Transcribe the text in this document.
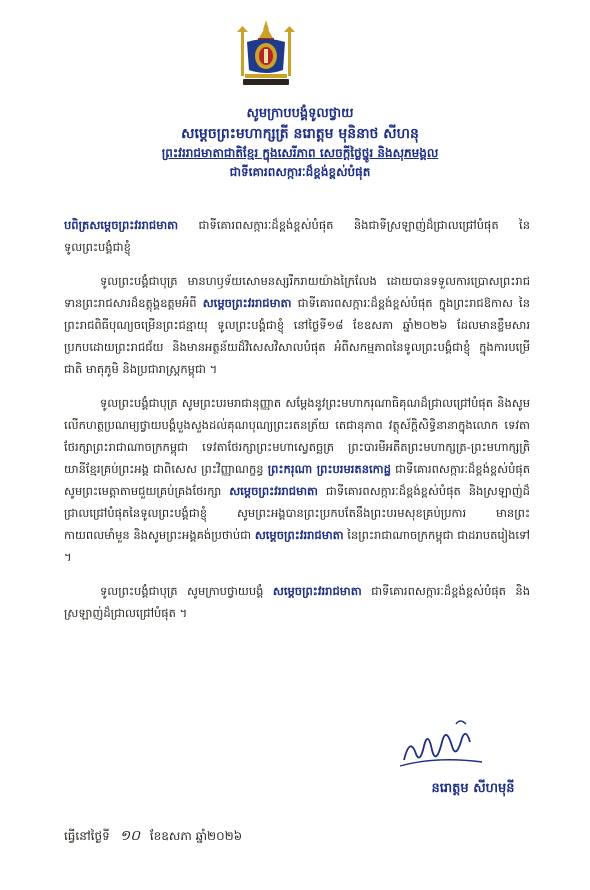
សូមក្រាបបង្គំទូលថ្វាយ
សម្តេចព្រះមហាក្សត្រី នរោត្តម មុនិនាថ សីហនុ
ព្រះវររាជមាតាជាតិខ្មែរ ក្នុងសេរីភាព សេចក្តីថ្លៃថ្នូរ និងសុភមង្គល
ជាទីគោរពសក្ការៈដ៏ខ្ពង់ខ្ពស់បំផុត

បពិត្រសម្តេចព្រះវររាជមាតា ជាទីគោរពសក្ការៈដ៏ខ្ពង់ខ្ពស់បំផុត និងជាទីស្រឡាញ់ដ៏ជ្រាលជ្រៅបំផុត នៃទូលព្រះបង្គំជាខ្ញុំ

ទូលព្រះបង្គំជាបុត្រ មានហឫទ័យសោមនស្សរីករាយយ៉ាងក្រៃលែង ដោយបានទទួលការប្រោសព្រះរាជទានព្រះរាជសារដ៏ឧត្តុង្គឧត្តមអំពី សម្តេចព្រះវររាជមាតា ជាទីគោរពសក្ការៈដ៏ខ្ពង់ខ្ពស់បំផុត ក្នុងព្រះរាជឱកាស នៃព្រះរាជពិធីបុណ្យចម្រើនព្រះជន្មាយុ ទូលព្រះបង្គំជាខ្ញុំ នៅថ្ងៃទី១៨ ខែឧសភា ឆ្នាំ២០២៦ ដែលមានខ្លឹមសារប្រកបដោយព្រះរាជជ័យ និងមានអត្ថន័យដ៏វិសេសវិសាលបំផុត អំពីសកម្មភាពនៃទូលព្រះបង្គំជាខ្ញុំ ក្នុងការបម្រើជាតិ មាតុភូមិ និងប្រជារាស្ត្រកម្ពុជា ។

ទូលព្រះបង្គំជាបុត្រ សូមព្រះបរមរាជានុញ្ញាត សម្តែងនូវព្រះមហាករុណាធិគុណដ៏ជ្រាលជ្រៅបំផុត និងសូមលើកហត្ថប្រណម្យថ្វាយបង្គំបួងសួងដល់គុណបុណ្យព្រះរតនត្រ័យ តេជានុភាព វត្ថុស័ក្តិសិទ្ធិនានាក្នុងលោក ទេវតាថែរក្សាព្រះរាជាណាចក្រកម្ពុជា ទេវតាថែរក្សាព្រះមហាស្វេតច្ឆត្រ ព្រះបារមីអតីតព្រះមហាក្សត្រ-ព្រះមហាក្សត្រិយានីខ្មែរគ្រប់ព្រះអង្គ ជាពិសេស ព្រះវិញ្ញាណក្ខន្ធ ព្រះករុណា ព្រះបរមរតនកោដ្ឋ ជាទីគោរពសក្ការៈដ៏ខ្ពង់ខ្ពស់បំផុត សូមព្រះមេត្តាតាមជួយគ្រប់គ្រងថែរក្សា សម្តេចព្រះវររាជមាតា ជាទីគោរពសក្ការៈដ៏ខ្ពង់ខ្ពស់បំផុត និងស្រឡាញ់ដ៏ជ្រាលជ្រៅបំផុតនៃទូលព្រះបង្គំជាខ្ញុំ សូមព្រះអង្គបានព្រះប្រកបតែនឹងព្រះបរមសុខគ្រប់ប្រការ មានព្រះកាយពលមាំមួន និងសូមព្រះអង្គគង់ប្រថាប់ជា សម្តេចព្រះវររាជមាតា នៃព្រះរាជាណាចក្រកម្ពុជា ជាដរាបតរៀងទៅ ។

ទូលព្រះបង្គំជាបុត្រ សូមក្រាបថ្វាយបង្គំ សម្តេចព្រះវររាជមាតា ជាទីគោរពសក្ការៈដ៏ខ្ពង់ខ្ពស់បំផុត និងស្រឡាញ់ដ៏ជ្រាលជ្រៅបំផុត ។

នរោត្តម សីហមុនី
ធ្វើនៅថ្ងៃទី ១០ ខែឧសភា ឆ្នាំ២០២៦
